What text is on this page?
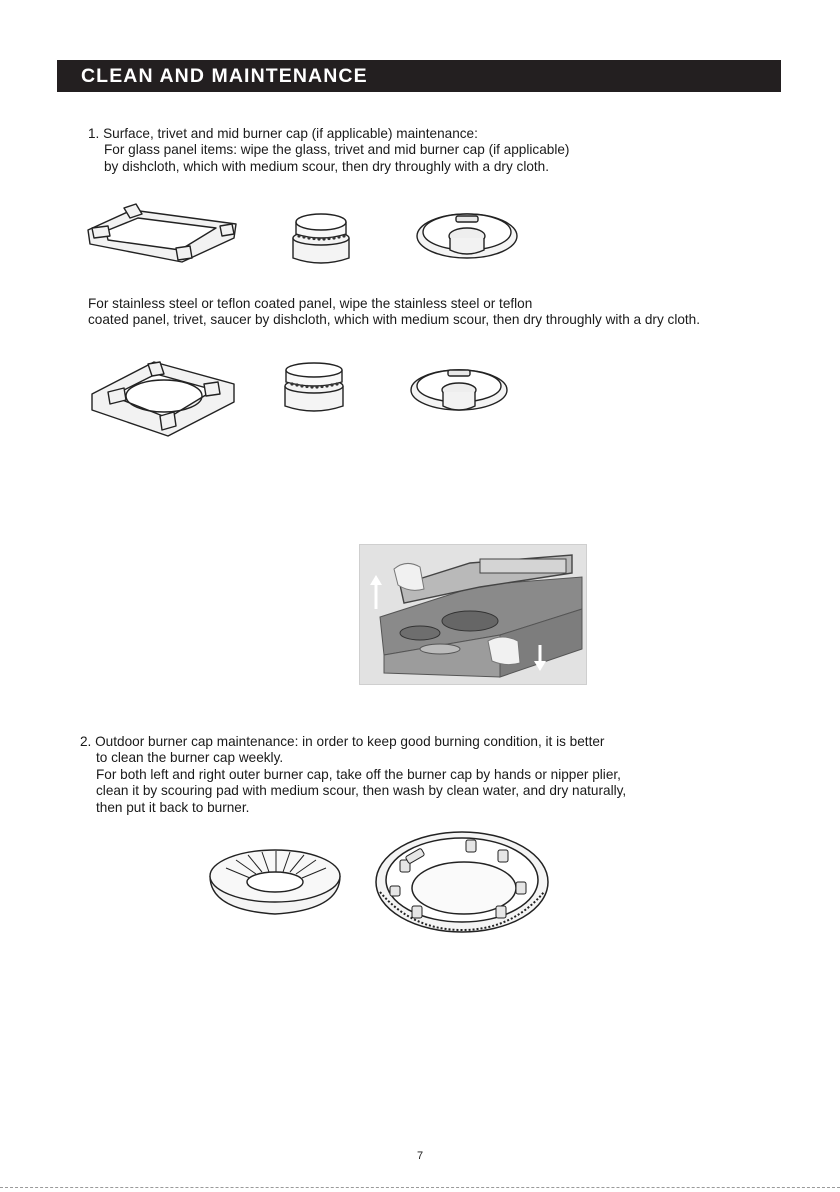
CLEAN AND MAINTENANCE
1. Surface, trivet and mid burner cap (if applicable) maintenance:
For glass panel items: wipe the glass, trivet and mid burner cap (if applicable)
by dishcloth, which with medium scour, then dry throughly with a dry cloth.
For stainless steel or teflon coated panel, wipe the stainless steel or teflon
coated panel, trivet, saucer by dishcloth, which with medium scour, then dry throughly with a dry cloth.
2. Outdoor burner cap maintenance: in order to keep good burning condition, it is better
to clean the burner cap weekly.
For both left and right outer burner cap, take off the burner cap by hands or nipper plier,
clean it by scouring pad with medium scour, then wash by clean water, and dry naturally,
then put it back to burner.
7
